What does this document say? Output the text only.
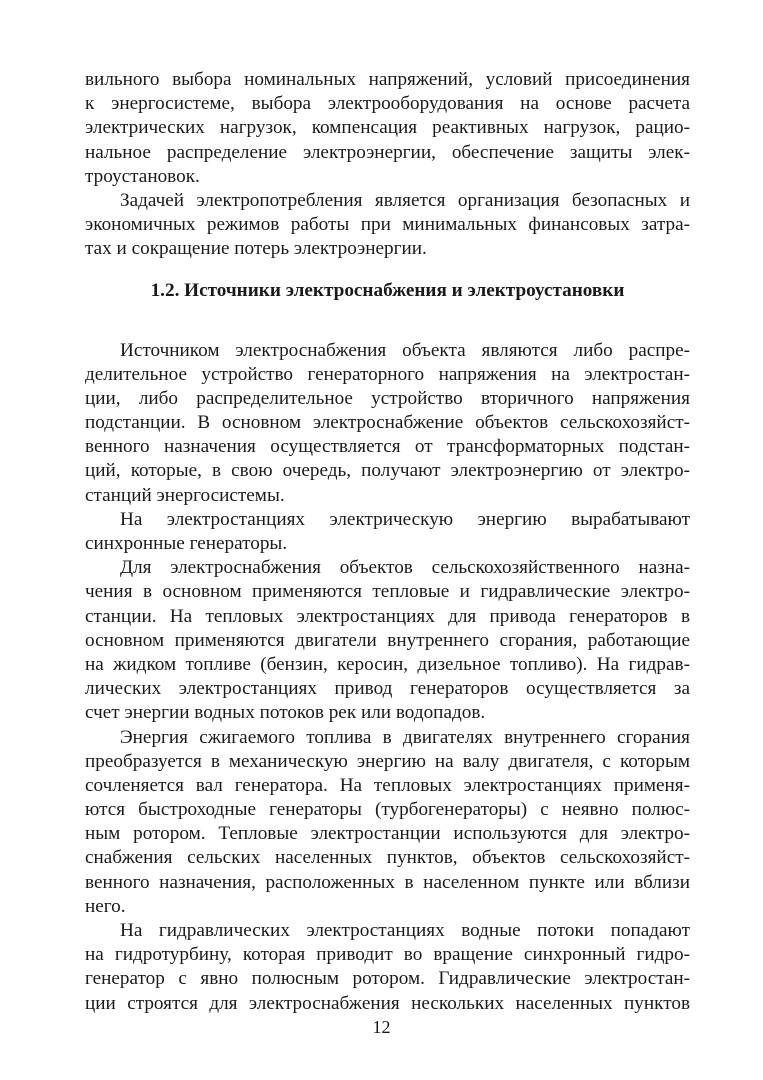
вильного выбора номинальных напряжений, условий присоединения
к энергосистеме, выбора электрооборудования на основе расчета
электрических нагрузок, компенсация реактивных нагрузок, рацио-
нальное распределение электроэнергии, обеспечение защиты элек-
троустановок.
Задачей электропотребления является организация безопасных и
экономичных режимов работы при минимальных финансовых затра-
тах и сокращение потерь электроэнергии.
1.2. Источники электроснабжения и электроустановки
Источником электроснабжения объекта являются либо распре-
делительное устройство генераторного напряжения на электростан-
ции, либо распределительное устройство вторичного напряжения
подстанции. В основном электроснабжение объектов сельскохозяйст-
венного назначения осуществляется от трансформаторных подстан-
ций, которые, в свою очередь, получают электроэнергию от электро-
станций энергосистемы.
На электростанциях электрическую энергию вырабатывают
синхронные генераторы.
Для электроснабжения объектов сельскохозяйственного назна-
чения в основном применяются тепловые и гидравлические электро-
станции. На тепловых электростанциях для привода генераторов в
основном применяются двигатели внутреннего сгорания, работающие
на жидком топливе (бензин, керосин, дизельное топливо). На гидрав-
лических электростанциях привод генераторов осуществляется за
счет энергии водных потоков рек или водопадов.
Энергия сжигаемого топлива в двигателях внутреннего сгорания
преобразуется в механическую энергию на валу двигателя, с которым
сочленяется вал генератора. На тепловых электростанциях применя-
ются быстроходные генераторы (турбогенераторы) с неявно полюс-
ным ротором. Тепловые электростанции используются для электро-
снабжения сельских населенных пунктов, объектов сельскохозяйст-
венного назначения, расположенных в населенном пункте или вблизи
него.
На гидравлических электростанциях водные потоки попадают
на гидротурбину, которая приводит во вращение синхронный гидро-
генератор с явно полюсным ротором. Гидравлические электростан-
ции строятся для электроснабжения нескольких населенных пунктов
12
